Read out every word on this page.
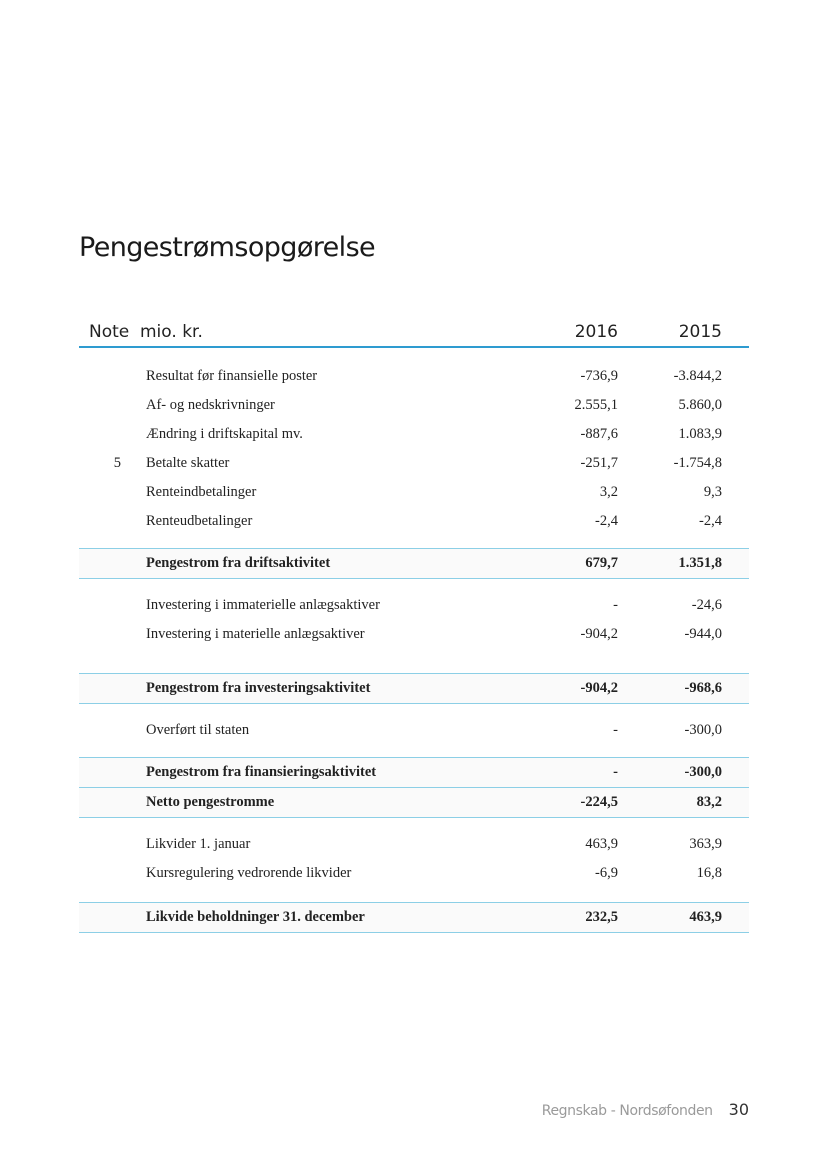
Pengestrømsopgørelse
Note mio. kr.	2016	2015
Resultat før finansielle poster	-736,9	-3.844,2
Af- og nedskrivninger	2.555,1	5.860,0
Ændring i driftskapital mv.	-887,6	1.083,9
5 Betalte skatter	-251,7	-1.754,8
Renteindbetalinger	3,2	9,3
Renteudbetalinger	-2,4	-2,4
Pengestrom fra driftsaktivitet	679,7	1.351,8
Investering i immaterielle anlægsaktiver	-	-24,6
Investering i materielle anlægsaktiver	-904,2	-944,0
Pengestrom fra investeringsaktivitet	-904,2	-968,6
Overført til staten	-	-300,0
Pengestrom fra finansieringsaktivitet	-	-300,0
Netto pengestromme	-224,5	83,2
Likvider 1. januar	463,9	363,9
Kursregulering vedrorende likvider	-6,9	16,8
Likvide beholdninger 31. december	232,5	463,9
Regnskab - Nordsøfonden 30
